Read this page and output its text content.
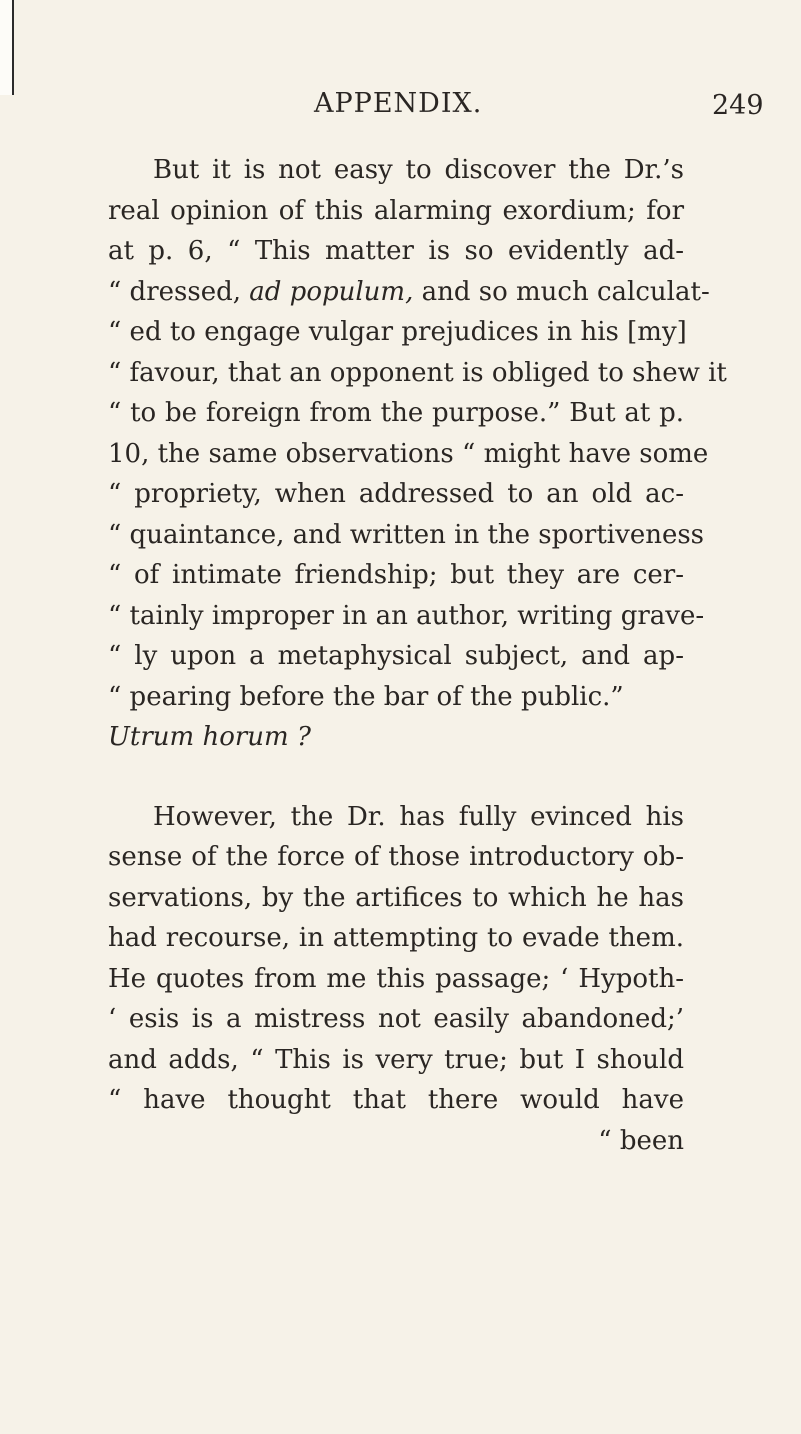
APPENDIX.	249
But it is not easy to discover the Dr.’s
real opinion of this alarming exordium; for
at p. 6, “ This matter is so evidently ad-
“ dressed, ad populum, and so much calculat-
“ ed to engage vulgar prejudices in his [my]
“ favour, that an opponent is obliged to shew it
“ to be foreign from the purpose.” But at p.
10, the same observations “ might have some
“ propriety, when addressed to an old ac-
“ quaintance, and written in the sportiveness
“ of intimate friendship; but they are cer-
“ tainly improper in an author, writing grave-
“ ly upon a metaphysical subject, and ap-
“ pearing before the bar of the public.”
Utrum horum ?
However, the Dr. has fully evinced his
sense of the force of those introductory ob-
servations, by the artifices to which he has
had recourse, in attempting to evade them.
He quotes from me this passage; ‘ Hypoth-
‘ esis is a mistress not easily abandoned;’
and adds, “ This is very true; but I should
“ have thought that there would have
“ been
